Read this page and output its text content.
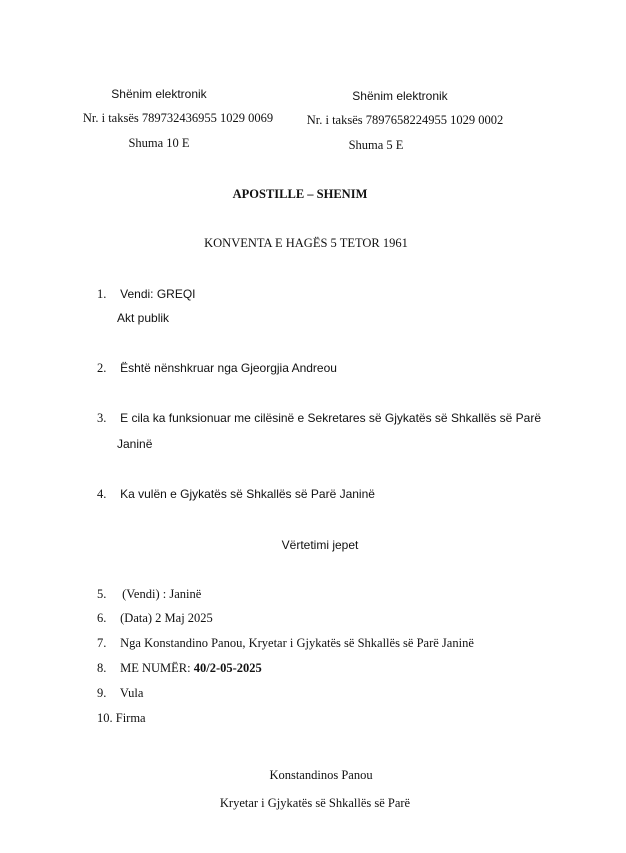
Shënim elektronik
Nr. i taksës 789732436955 1029 0069
Shuma 10 E
Shënim elektronik
Nr. i taksës 7897658224955 1029 0002
Shuma 5 E
APOSTILLE – SHENIM
KONVENTA E HAGËS 5 TETOR 1961
1. Vendi: GREQI
Akt publik
2. Është nënshkruar nga Gjeorgjia Andreou
3. E cila ka funksionuar me cilësinë e Sekretares së Gjykatës së Shkallës së Parë
Janinë
4. Ka vulën e Gjykatës së Shkallës së Parë Janinë
Vërtetimi jepet
5. (Vendi) : Janinë
6. (Data) 2 Maj 2025
7. Nga Konstandino Panou, Kryetar i Gjykatës së Shkallës së Parë Janinë
8. ME NUMËR: 40/2-05-2025
9. Vula
10. Firma
Konstandinos Panou
Kryetar i Gjykatës së Shkallës së Parë
